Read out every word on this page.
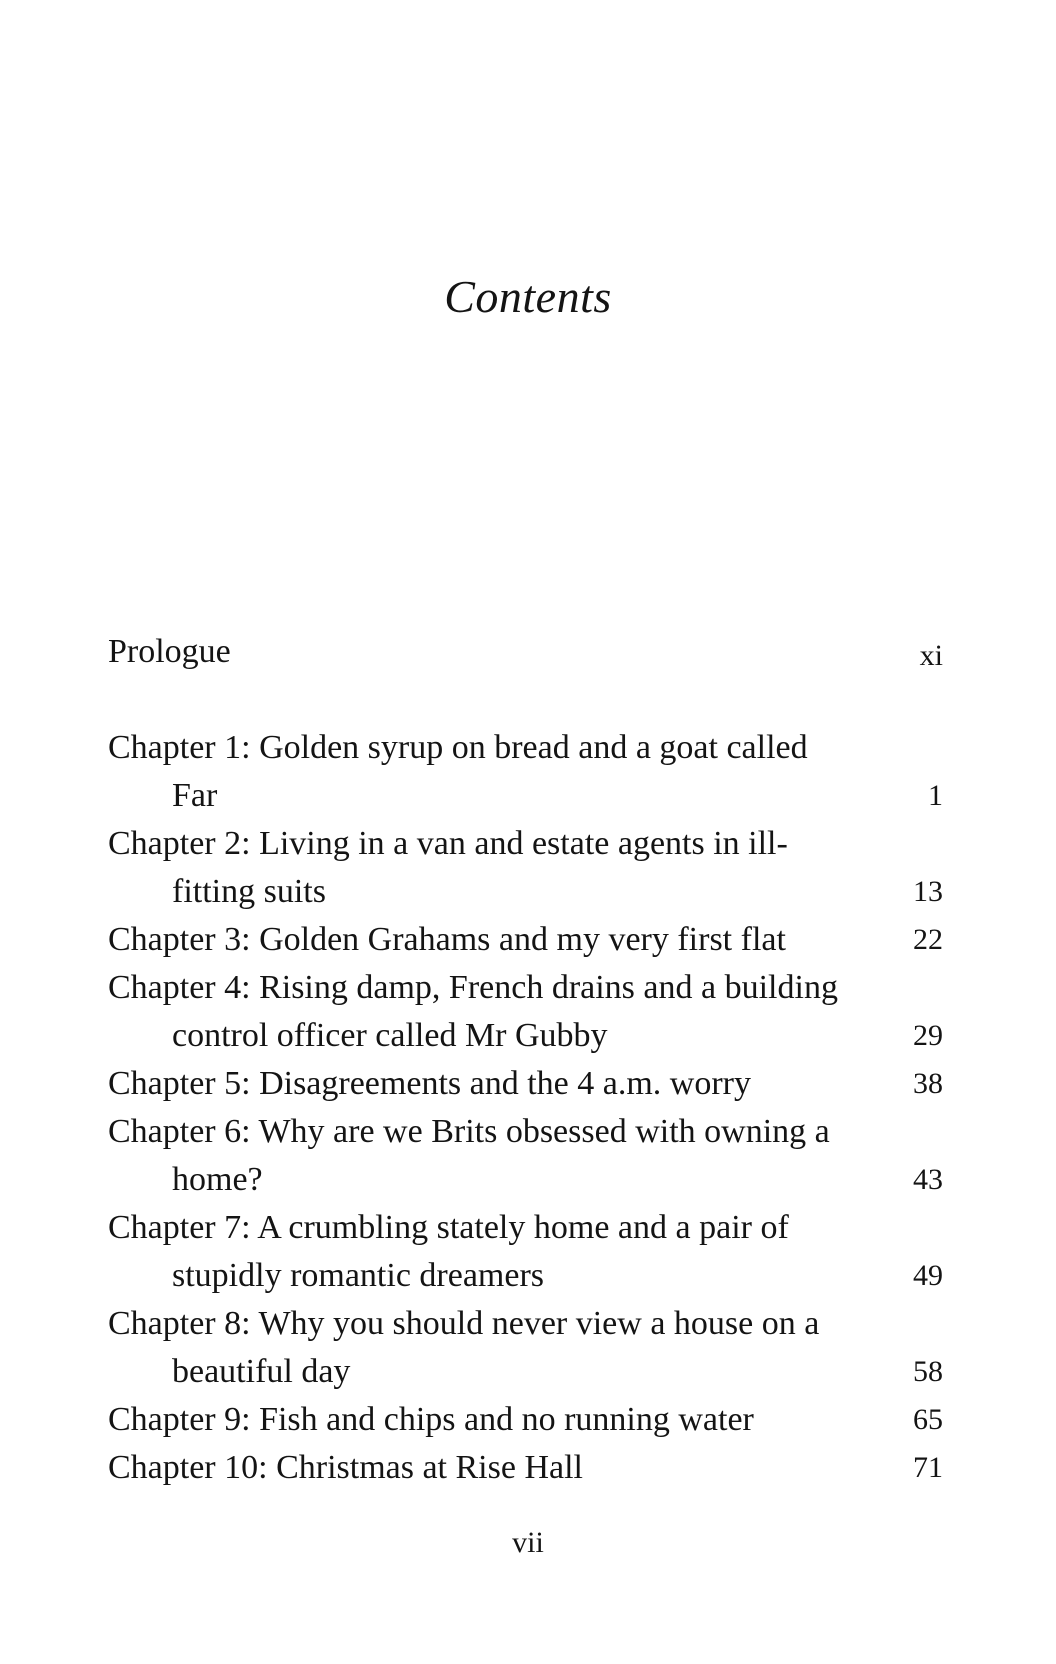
Contents
Prologue	xi
Chapter 1: Golden syrup on bread and a goat called Far	1
Chapter 2: Living in a van and estate agents in ill-fitting suits	13
Chapter 3: Golden Grahams and my very first flat	22
Chapter 4: Rising damp, French drains and a building control officer called Mr Gubby	29
Chapter 5: Disagreements and the 4 a.m. worry	38
Chapter 6: Why are we Brits obsessed with owning a home?	43
Chapter 7: A crumbling stately home and a pair of stupidly romantic dreamers	49
Chapter 8: Why you should never view a house on a beautiful day	58
Chapter 9: Fish and chips and no running water	65
Chapter 10: Christmas at Rise Hall	71
vii
